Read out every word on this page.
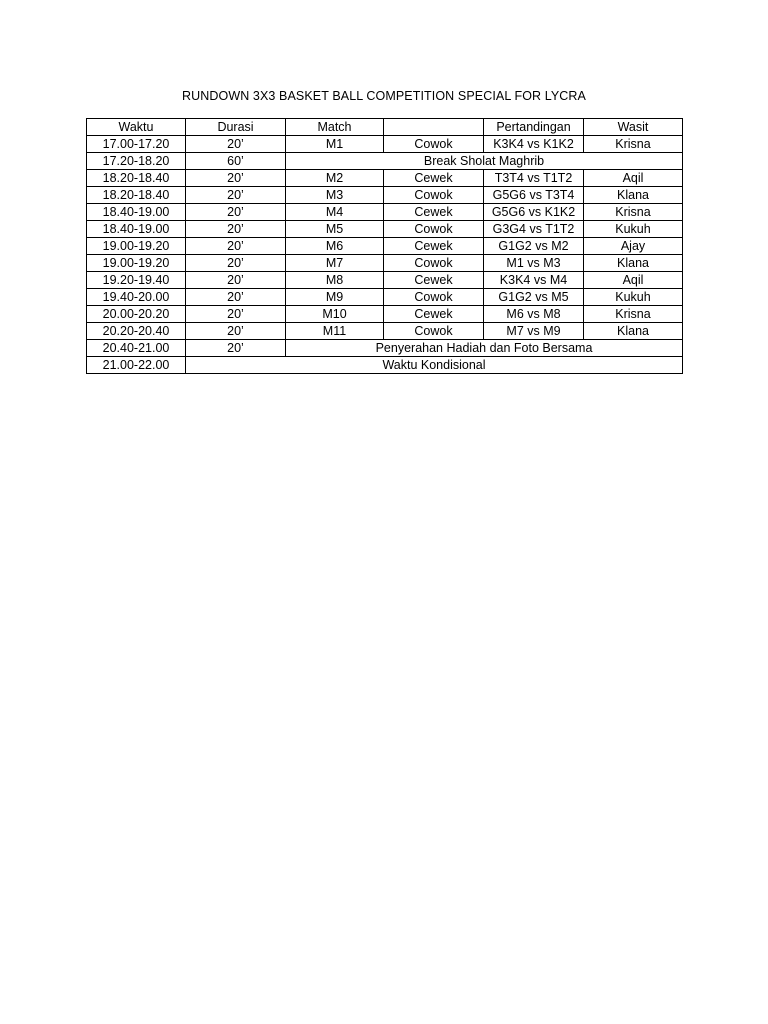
RUNDOWN 3X3 BASKET BALL COMPETITION SPECIAL FOR LYCRA
Waktu	Durasi	Match		Pertandingan	Wasit
17.00-17.20	20’	M1	Cowok	K3K4 vs K1K2	Krisna
17.20-18.20	60’	Break Sholat Maghrib			
18.20-18.40	20’	M2	Cewek	T3T4 vs T1T2	Aqil
18.20-18.40	20’	M3	Cowok	G5G6 vs T3T4	Klana
18.40-19.00	20’	M4	Cewek	G5G6 vs K1K2	Krisna
18.40-19.00	20’	M5	Cowok	G3G4 vs T1T2	Kukuh
19.00-19.20	20’	M6	Cewek	G1G2 vs M2	Ajay
19.00-19.20	20’	M7	Cowok	M1 vs M3	Klana
19.20-19.40	20’	M8	Cewek	K3K4 vs M4	Aqil
19.40-20.00	20’	M9	Cowok	G1G2 vs M5	Kukuh
20.00-20.20	20’	M10	Cewek	M6 vs M8	Krisna
20.20-20.40	20’	M11	Cowok	M7 vs M9	Klana
20.40-21.00	20’	Penyerahan Hadiah dan Foto Bersama			
21.00-22.00	Waktu Kondisional				
